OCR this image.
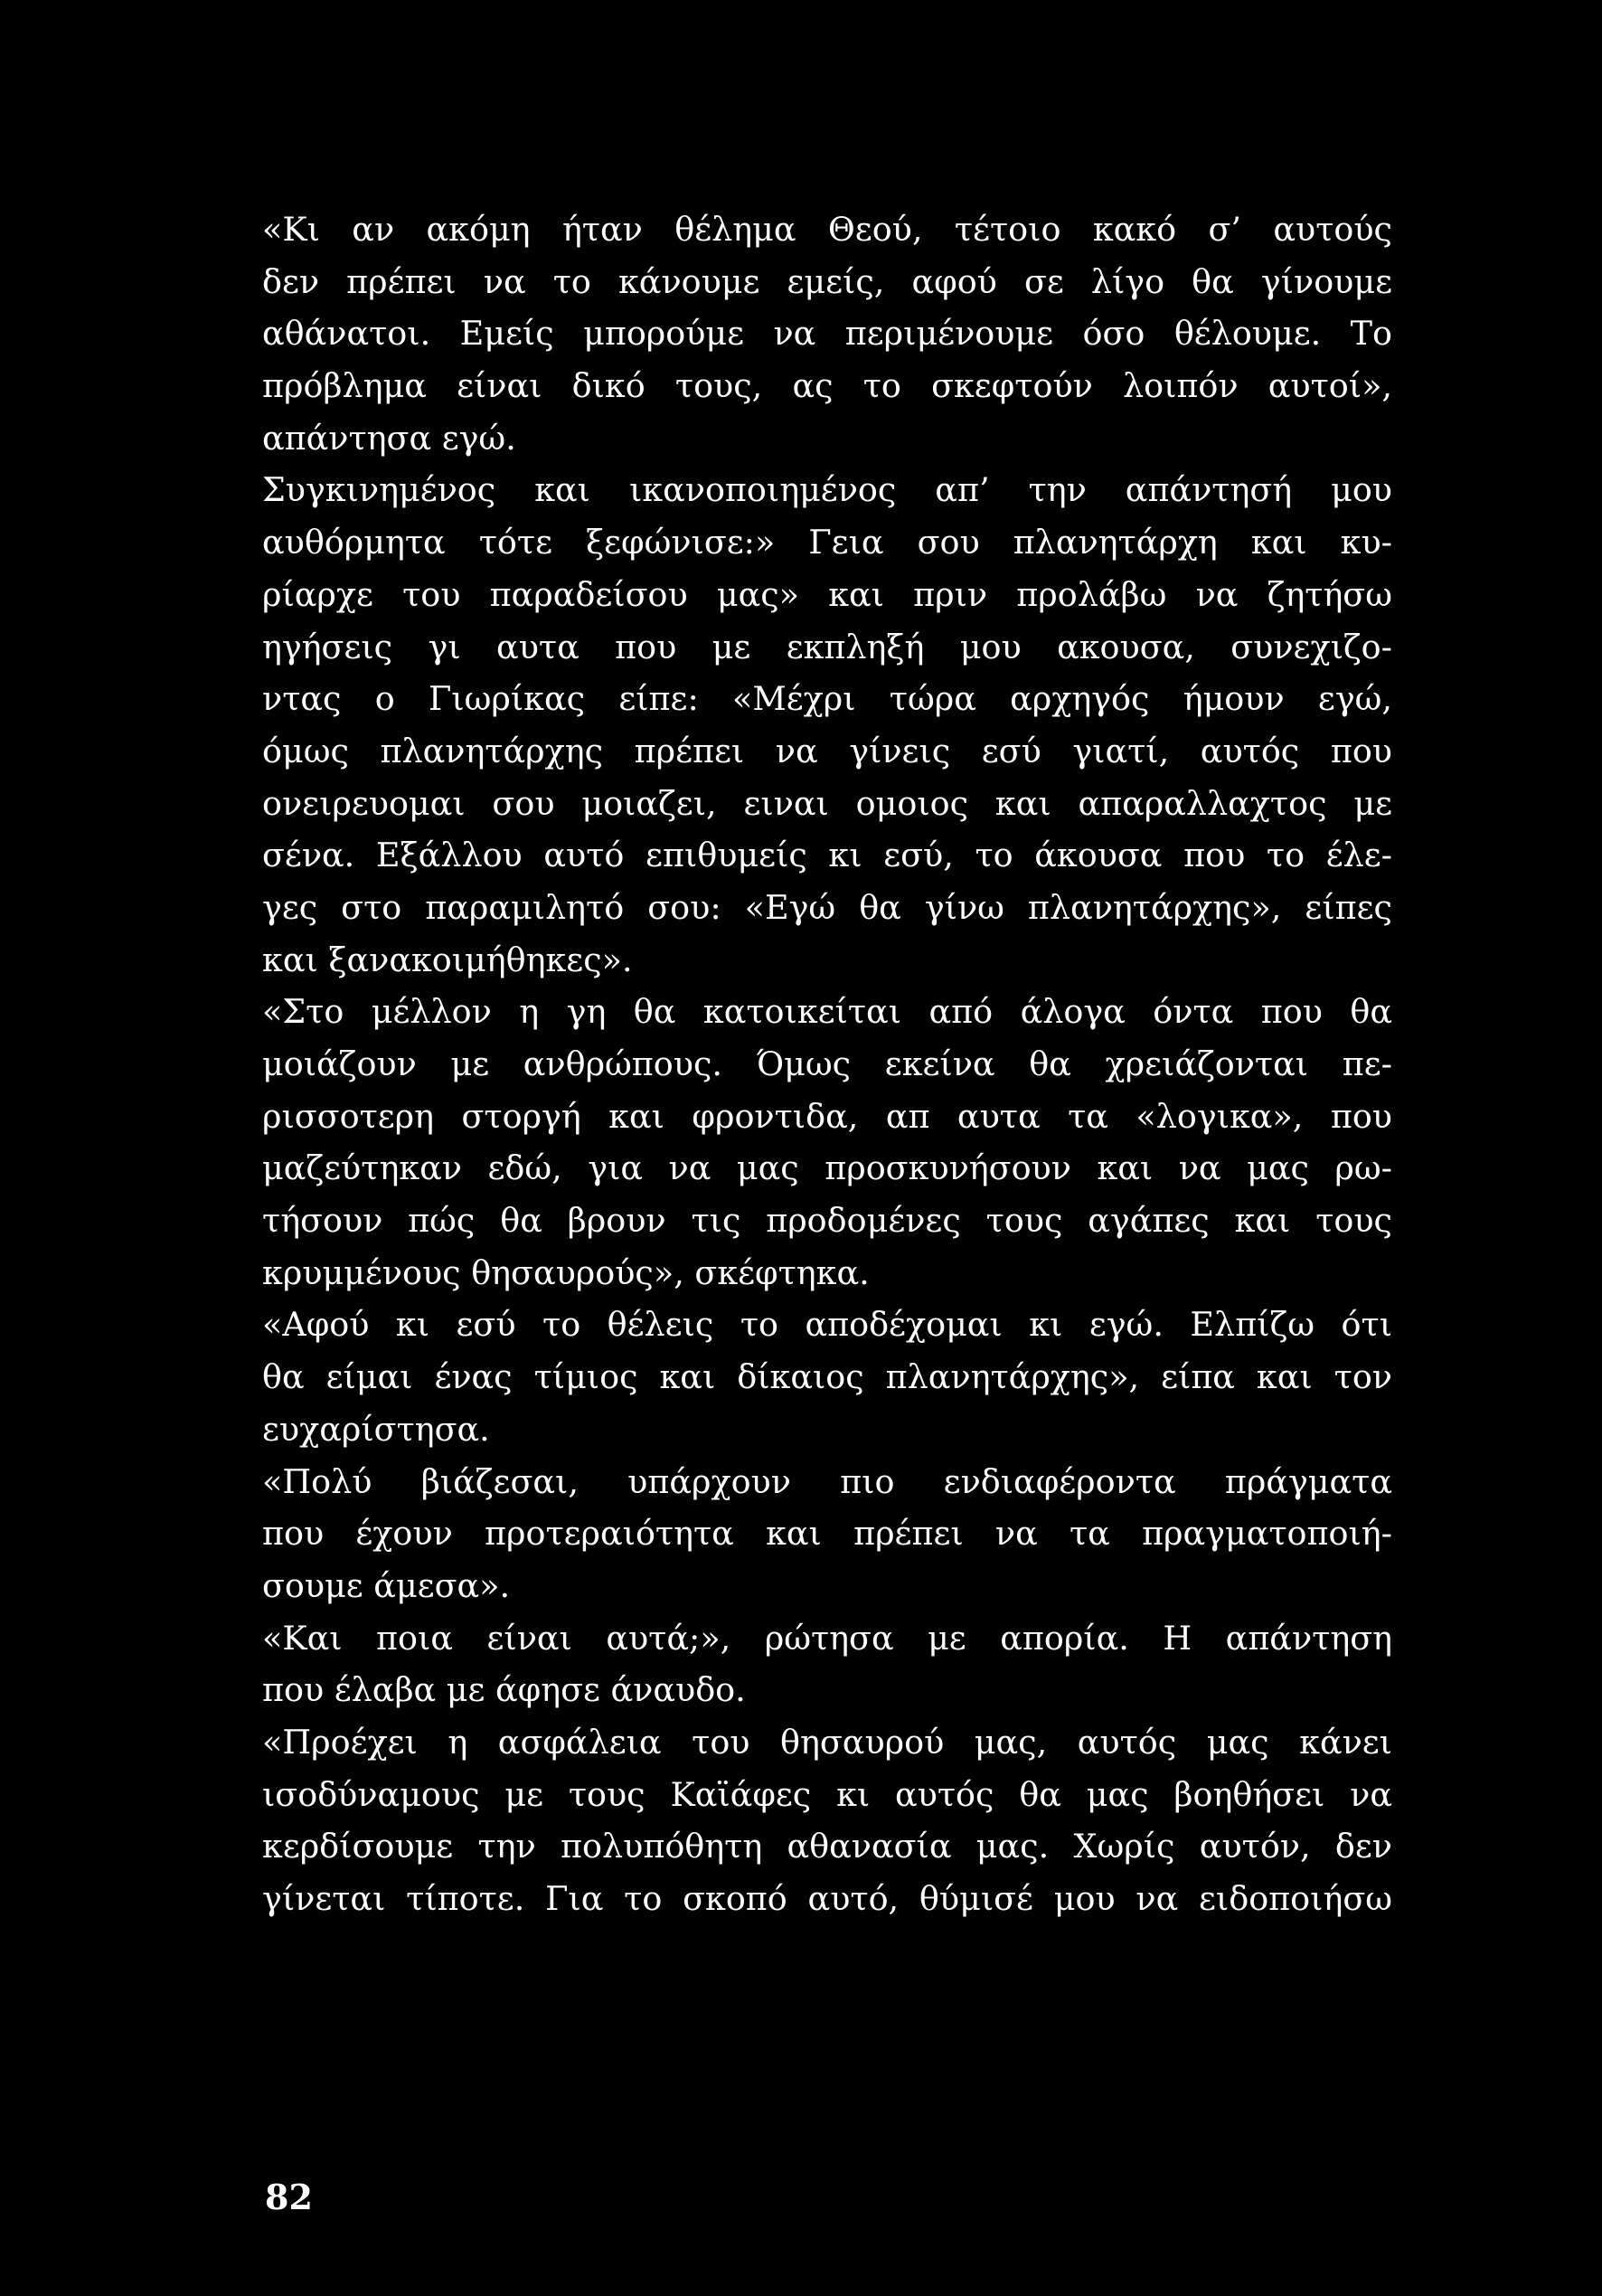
«Κι αν ακόμη ήταν θέλημα Θεού, τέτοιο κακό σ’ αυτούς
δεν πρέπει να το κάνουμε εμείς, αφού σε λίγο θα γίνουμε
αθάνατοι. Εμείς μπορούμε να περιμένουμε όσο θέλουμε. Το
πρόβλημα είναι δικό τους, ας το σκεφτούν λοιπόν αυτοί»,
απάντησα εγώ.
Συγκινημένος και ικανοποιημένος απ’ την απάντησή μου
αυθόρμητα τότε ξεφώνισε:» Γεια σου πλανητάρχη και κυ-
ρίαρχε του παραδείσου μας» και πριν προλάβω να ζητήσω
ηγήσεις γι αυτα που με εκπληξή μου ακουσα, συνεχιζο-
ντας ο Γιωρίκας είπε: «Μέχρι τώρα αρχηγός ήμουν εγώ,
όμως πλανητάρχης πρέπει να γίνεις εσύ γιατί, αυτός που
ονειρευομαι σου μοιαζει, ειναι ομοιος και απαραλλαχτος με
σένα. Εξάλλου αυτό επιθυμείς κι εσύ, το άκουσα που το έλε-
γες στο παραμιλητό σου: «Εγώ θα γίνω πλανητάρχης», είπες
και ξανακοιμήθηκες».
«Στο μέλλον η γη θα κατοικείται από άλογα όντα που θα
μοιάζουν με ανθρώπους. Όμως εκείνα θα χρειάζονται πε-
ρισσοτερη στοργή και φροντιδα, απ αυτα τα «λογικα», που
μαζεύτηκαν εδώ, για να μας προσκυνήσουν και να μας ρω-
τήσουν πώς θα βρουν τις προδομένες τους αγάπες και τους
κρυμμένους θησαυρούς», σκέφτηκα.
«Αφού κι εσύ το θέλεις το αποδέχομαι κι εγώ. Ελπίζω ότι
θα είμαι ένας τίμιος και δίκαιος πλανητάρχης», είπα και τον
ευχαρίστησα.
«Πολύ βιάζεσαι, υπάρχουν πιο ενδιαφέροντα πράγματα
που έχουν προτεραιότητα και πρέπει να τα πραγματοποιή-
σουμε άμεσα».
«Και ποια είναι αυτά;», ρώτησα με απορία. Η απάντηση
που έλαβα με άφησε άναυδο.
«Προέχει η ασφάλεια του θησαυρού μας, αυτός μας κάνει
ισοδύναμους με τους Καϊάφες κι αυτός θα μας βοηθήσει να
κερδίσουμε την πολυπόθητη αθανασία μας. Χωρίς αυτόν, δεν
γίνεται τίποτε. Για το σκοπό αυτό, θύμισέ μου να ειδοποιήσω
82
